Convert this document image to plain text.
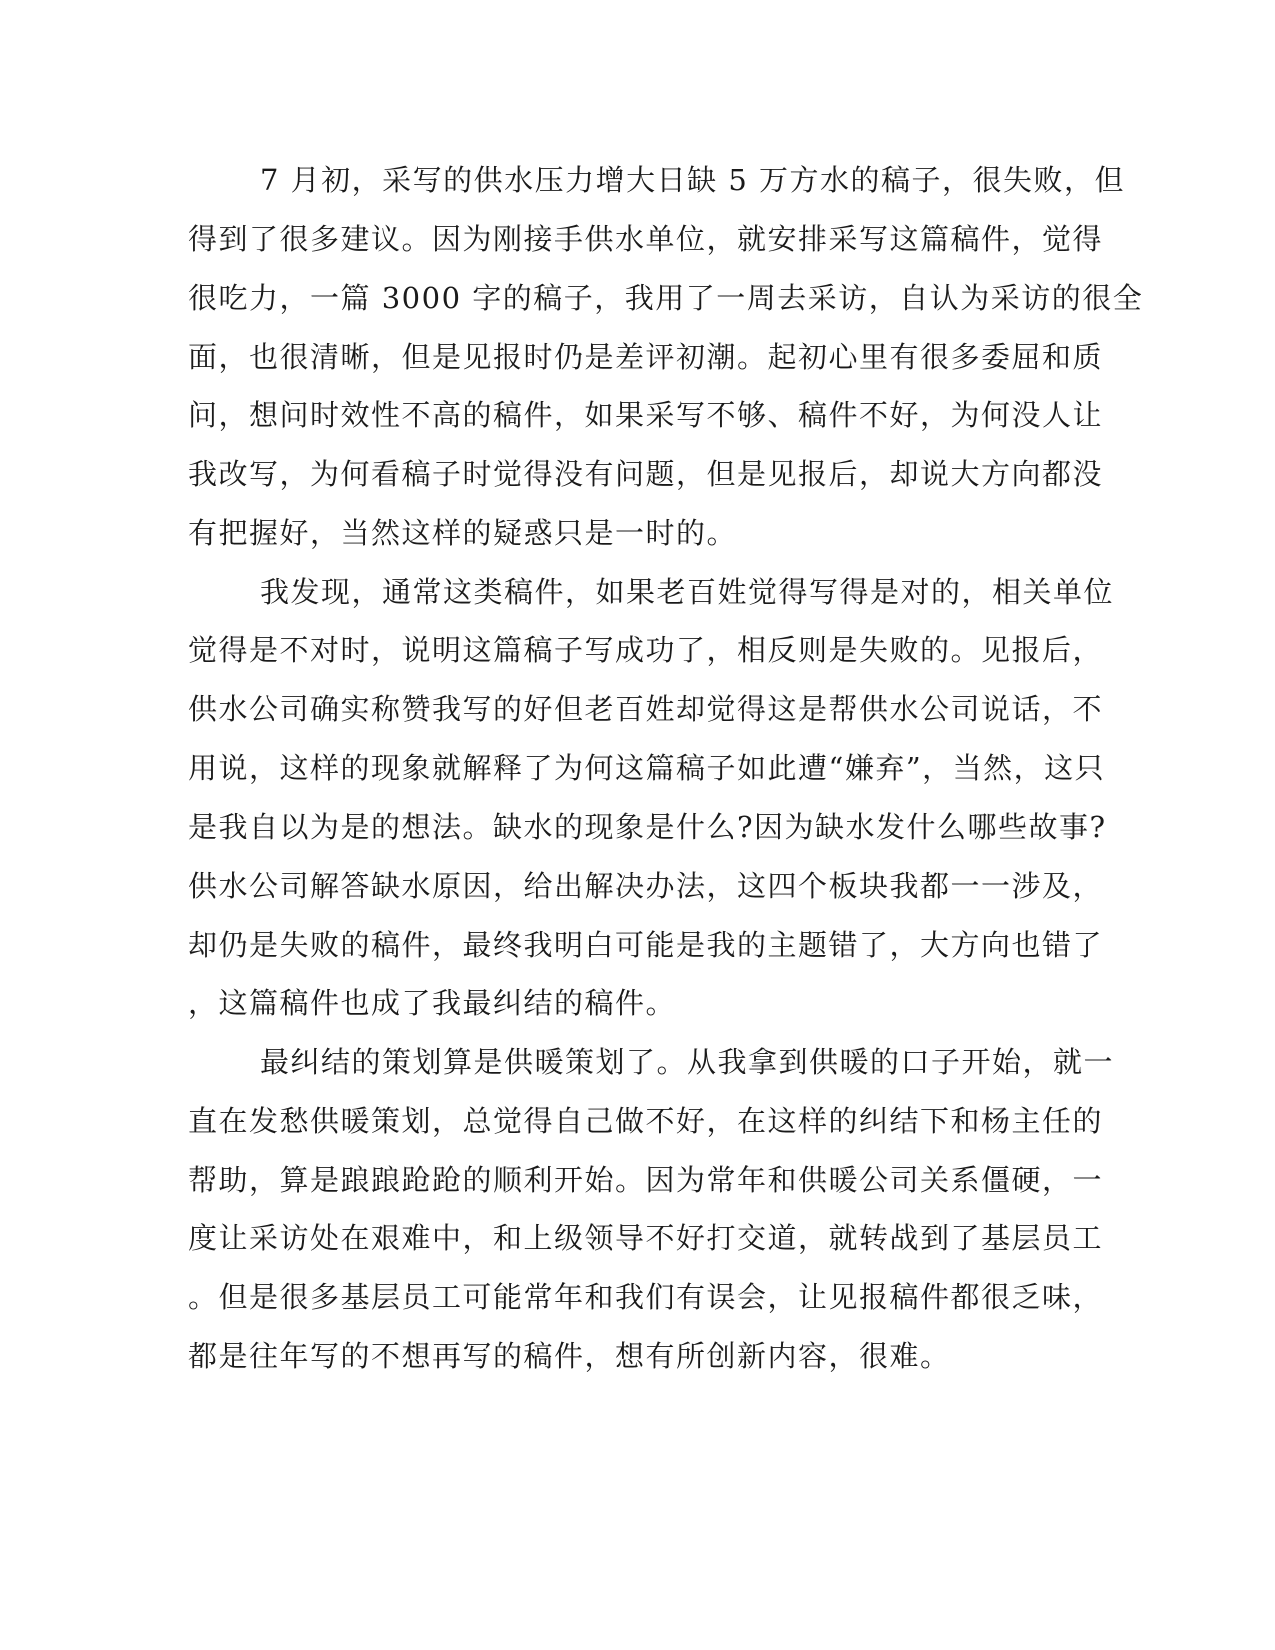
7 月初，采写的供水压力增大日缺 5 万方水的稿子，很失败，但
得到了很多建议。因为刚接手供水单位，就安排采写这篇稿件，觉得
很吃力，一篇 3000 字的稿子，我用了一周去采访，自认为采访的很全
面，也很清晰，但是见报时仍是差评初潮。起初心里有很多委屈和质
问，想问时效性不高的稿件，如果采写不够、稿件不好，为何没人让
我改写，为何看稿子时觉得没有问题，但是见报后，却说大方向都没
有把握好，当然这样的疑惑只是一时的。
我发现，通常这类稿件，如果老百姓觉得写得是对的，相关单位
觉得是不对时，说明这篇稿子写成功了，相反则是失败的。见报后，
供水公司确实称赞我写的好但老百姓却觉得这是帮供水公司说话，不
用说，这样的现象就解释了为何这篇稿子如此遭“嫌弃”，当然，这只
是我自以为是的想法。缺水的现象是什么?因为缺水发什么哪些故事?
供水公司解答缺水原因，给出解决办法，这四个板块我都一一涉及，
却仍是失败的稿件，最终我明白可能是我的主题错了，大方向也错了
，这篇稿件也成了我最纠结的稿件。
最纠结的策划算是供暖策划了。从我拿到供暖的口子开始，就一
直在发愁供暖策划，总觉得自己做不好，在这样的纠结下和杨主任的
帮助，算是踉踉跄跄的顺利开始。因为常年和供暖公司关系僵硬，一
度让采访处在艰难中，和上级领导不好打交道，就转战到了基层员工
。但是很多基层员工可能常年和我们有误会，让见报稿件都很乏味，
都是往年写的不想再写的稿件，想有所创新内容，很难。
